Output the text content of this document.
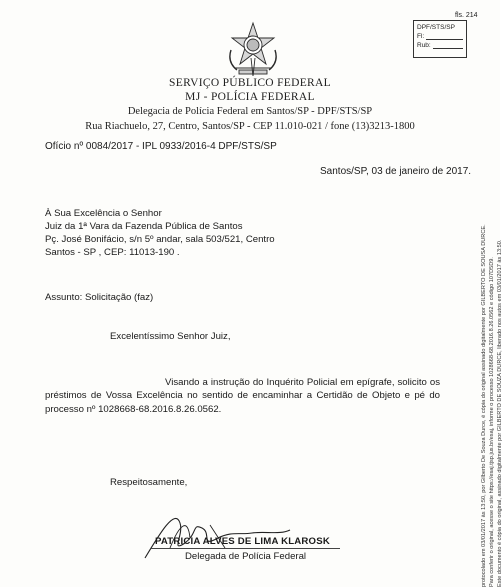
fls. 214
DPF/STS/SP
Fl:
Rub:
SERVIÇO PÚBLICO FEDERAL
MJ - POLÍCIA FEDERAL
Delegacia de Polícia Federal em Santos/SP - DPF/STS/SP
Rua Riachuelo, 27, Centro, Santos/SP - CEP 11.010-021 / fone (13)3213-1800
Ofício nº 0084/2017 - IPL 0933/2016-4 DPF/STS/SP
Santos/SP, 03 de janeiro de 2017.
À Sua Excelência o Senhor
Juiz da 1ª Vara da Fazenda Pública de Santos
Pç. José Bonifácio, s/n 5º andar, sala 503/521, Centro
Santos - SP , CEP: 11013-190 .
Assunto: Solicitação (faz)
Excelentíssimo Senhor Juiz,
Visando a instrução do Inquérito Policial em epígrafe, solicito os préstimos de Vossa Excelência no sentido de encaminhar a Certidão de Objeto e pé do processo nº 1028668-68.2016.8.26.0562.
Respeitosamente,
PATRICIA ALVES DE LIMA KLAROSK
Delegada de Polícia Federal	protocolado em 03/01/2017 às 13:50, por Gilberto De Souza Durce, é cópia do original assinado digitalmente por GILBERTO DE SOUSA DURCE. Para conferir o original, acesse o site https://esaj.tjsp.jus.br/esaj, informe o processo 1028668-68.2016.8.26.0562 e código 107D5D9. Este documento é cópia do original, assinado digitalmente por GILBERTO DE SOUZA DURCE, liberado nos autos em 03/01/2017 às 13:50.
